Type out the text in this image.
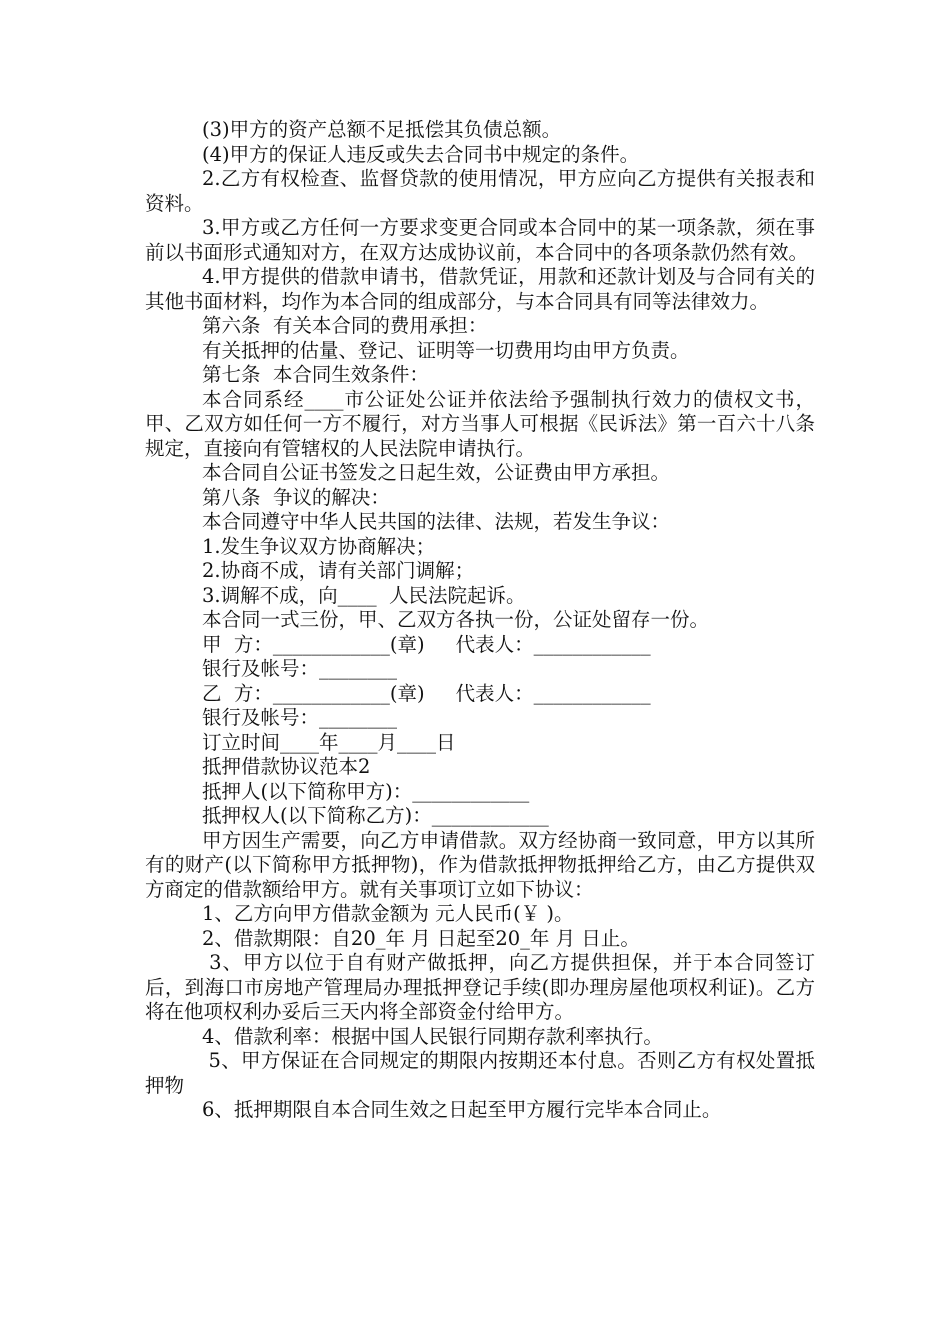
(3)甲方的资产总额不足抵偿其负债总额。

(4)甲方的保证人违反或失去合同书中规定的条件。

2.乙方有权检查、监督贷款的使用情况，甲方应向乙方提供有关报表和资料。

3.甲方或乙方任何一方要求变更合同或本合同中的某一项条款，须在事前以书面形式通知对方，在双方达成协议前，本合同中的各项条款仍然有效。

4.甲方提供的借款申请书，借款凭证，用款和还款计划及与合同有关的其他书面材料，均作为本合同的组成部分，与本合同具有同等法律效力。

第六条  有关本合同的费用承担：

有关抵押的估量、登记、证明等一切费用均由甲方负责。

第七条  本合同生效条件：

本合同系经____市公证处公证并依法给予强制执行效力的债权文书，甲、乙双方如任何一方不履行，对方当事人可根据《民诉法》第一百六十八条规定，直接向有管辖权的人民法院申请执行。

本合同自公证书签发之日起生效，公证费由甲方承担。

第八条  争议的解决：

本合同遵守中华人民共国的法律、法规，若发生争议：

1.发生争议双方协商解决；

2.协商不成，请有关部门调解；

3.调解不成，向____  人民法院起诉。

本合同一式三份，甲、乙双方各执一份，公证处留存一份。

甲  方：____________(章)     代表人：____________

银行及帐号：________

乙  方：____________(章)     代表人：____________

银行及帐号：________

订立时间____年____月____日

抵押借款协议范本2

抵押人(以下简称甲方)：____________

抵押权人(以下简称乙方)：____________

甲方因生产需要，向乙方申请借款。双方经协商一致同意，甲方以其所有的财产(以下简称甲方抵押物)，作为借款抵押物抵押给乙方，由乙方提供双方商定的借款额给甲方。就有关事项订立如下协议：

1、乙方向甲方借款金额为 元人民币(￥ )。

2、借款期限：自20_年 月 日起至20_年 月 日止。

3、甲方以位于自有财产做抵押，向乙方提供担保，并于本合同签订后，到海口市房地产管理局办理抵押登记手续(即办理房屋他项权利证)。乙方将在他项权利办妥后三天内将全部资金付给甲方。

4、借款利率：根据中国人民银行同期存款利率执行。

5、甲方保证在合同规定的期限内按期还本付息。否则乙方有权处置抵押物

6、抵押期限自本合同生效之日起至甲方履行完毕本合同止。
